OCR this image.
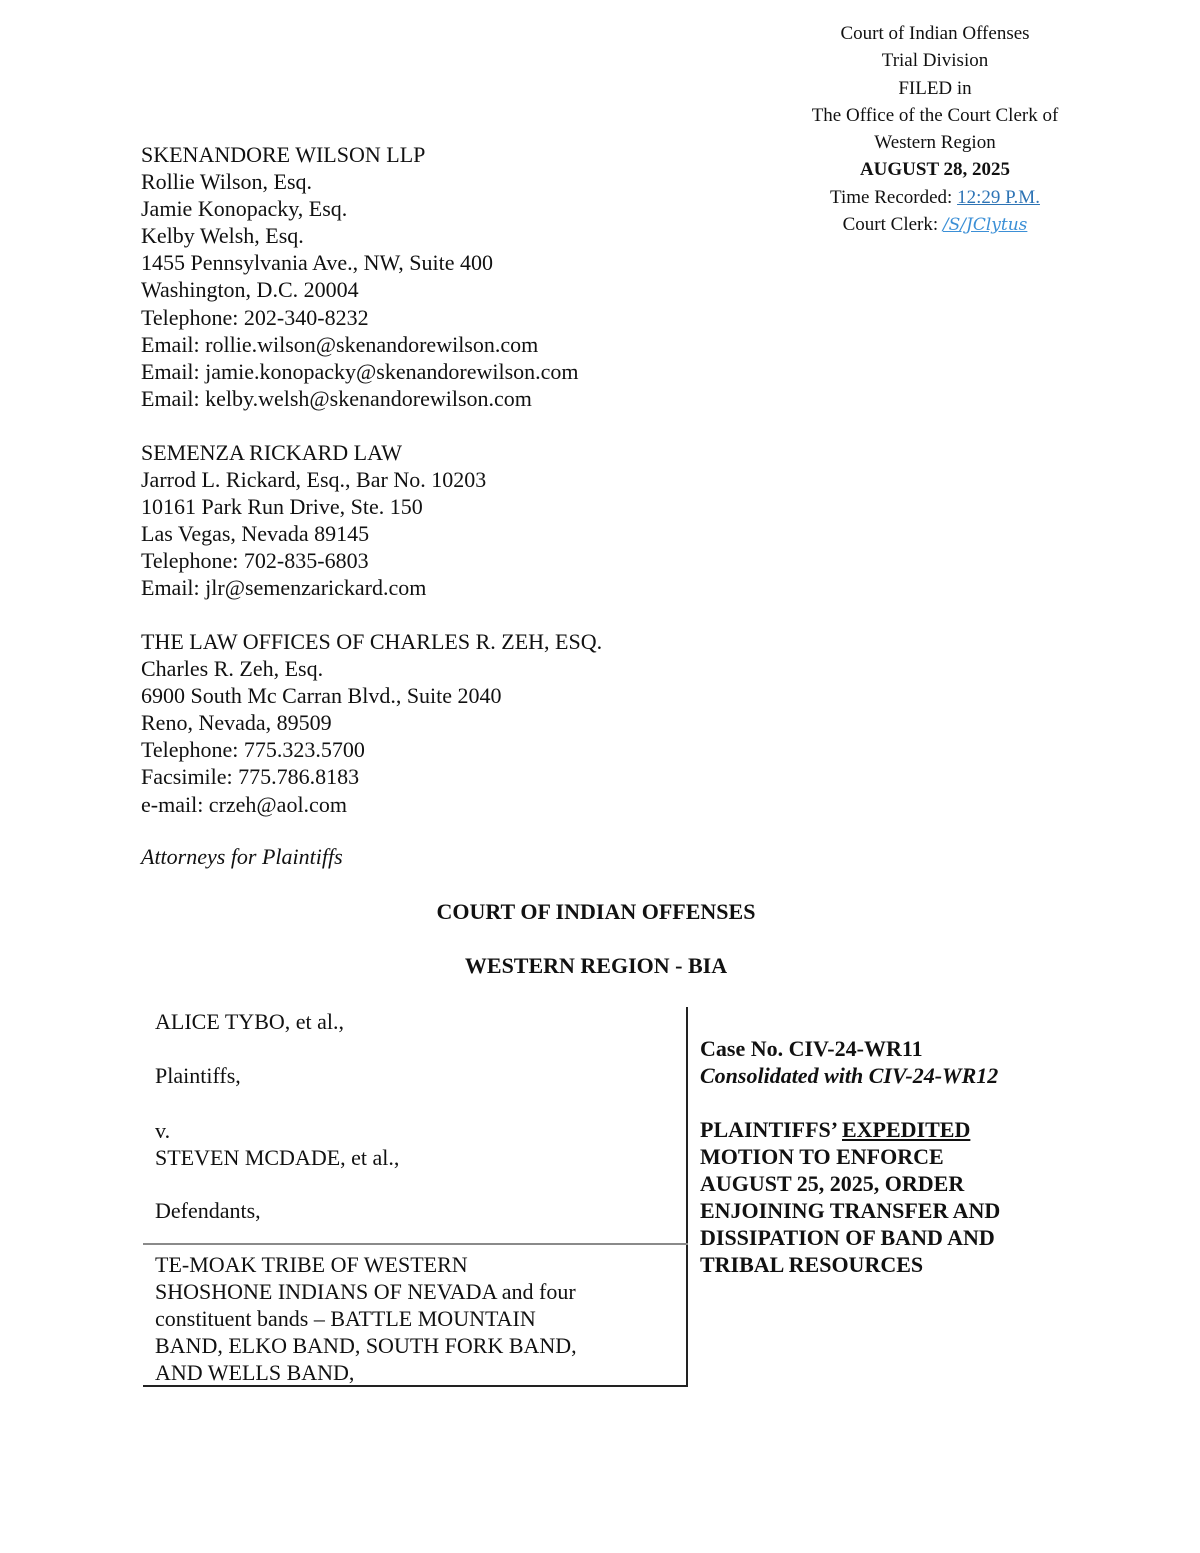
Court of Indian Offenses
Trial Division
FILED in
The Office of the Court Clerk of
Western Region
AUGUST 28, 2025
Time Recorded: 12:29 P.M.
Court Clerk: /S/JClytus
SKENANDORE WILSON LLP
Rollie Wilson, Esq.
Jamie Konopacky, Esq.
Kelby Welsh, Esq.
1455 Pennsylvania Ave., NW, Suite 400
Washington, D.C. 20004
Telephone: 202-340-8232
Email: rollie.wilson@skenandorewilson.com
Email: jamie.konopacky@skenandorewilson.com
Email: kelby.welsh@skenandorewilson.com
SEMENZA RICKARD LAW
Jarrod L. Rickard, Esq., Bar No. 10203
10161 Park Run Drive, Ste. 150
Las Vegas, Nevada 89145
Telephone: 702-835-6803
Email: jlr@semenzarickard.com
THE LAW OFFICES OF CHARLES R. ZEH, ESQ.
Charles R. Zeh, Esq.
6900 South Mc Carran Blvd., Suite 2040
Reno, Nevada, 89509
Telephone: 775.323.5700
Facsimile: 775.786.8183
e-mail: crzeh@aol.com
Attorneys for Plaintiffs
COURT OF INDIAN OFFENSES
WESTERN REGION - BIA
ALICE TYBO, et al.,
Plaintiffs,
v.
STEVEN MCDADE, et al.,
Defendants,
TE-MOAK TRIBE OF WESTERN
SHOSHONE INDIANS OF NEVADA and four
constituent bands – BATTLE MOUNTAIN
BAND, ELKO BAND, SOUTH FORK BAND,
AND WELLS BAND,
Case No. CIV-24-WR11
Consolidated with CIV-24-WR12
PLAINTIFFS’ EXPEDITED
MOTION TO ENFORCE
AUGUST 25, 2025, ORDER
ENJOINING TRANSFER AND
DISSIPATION OF BAND AND
TRIBAL RESOURCES
